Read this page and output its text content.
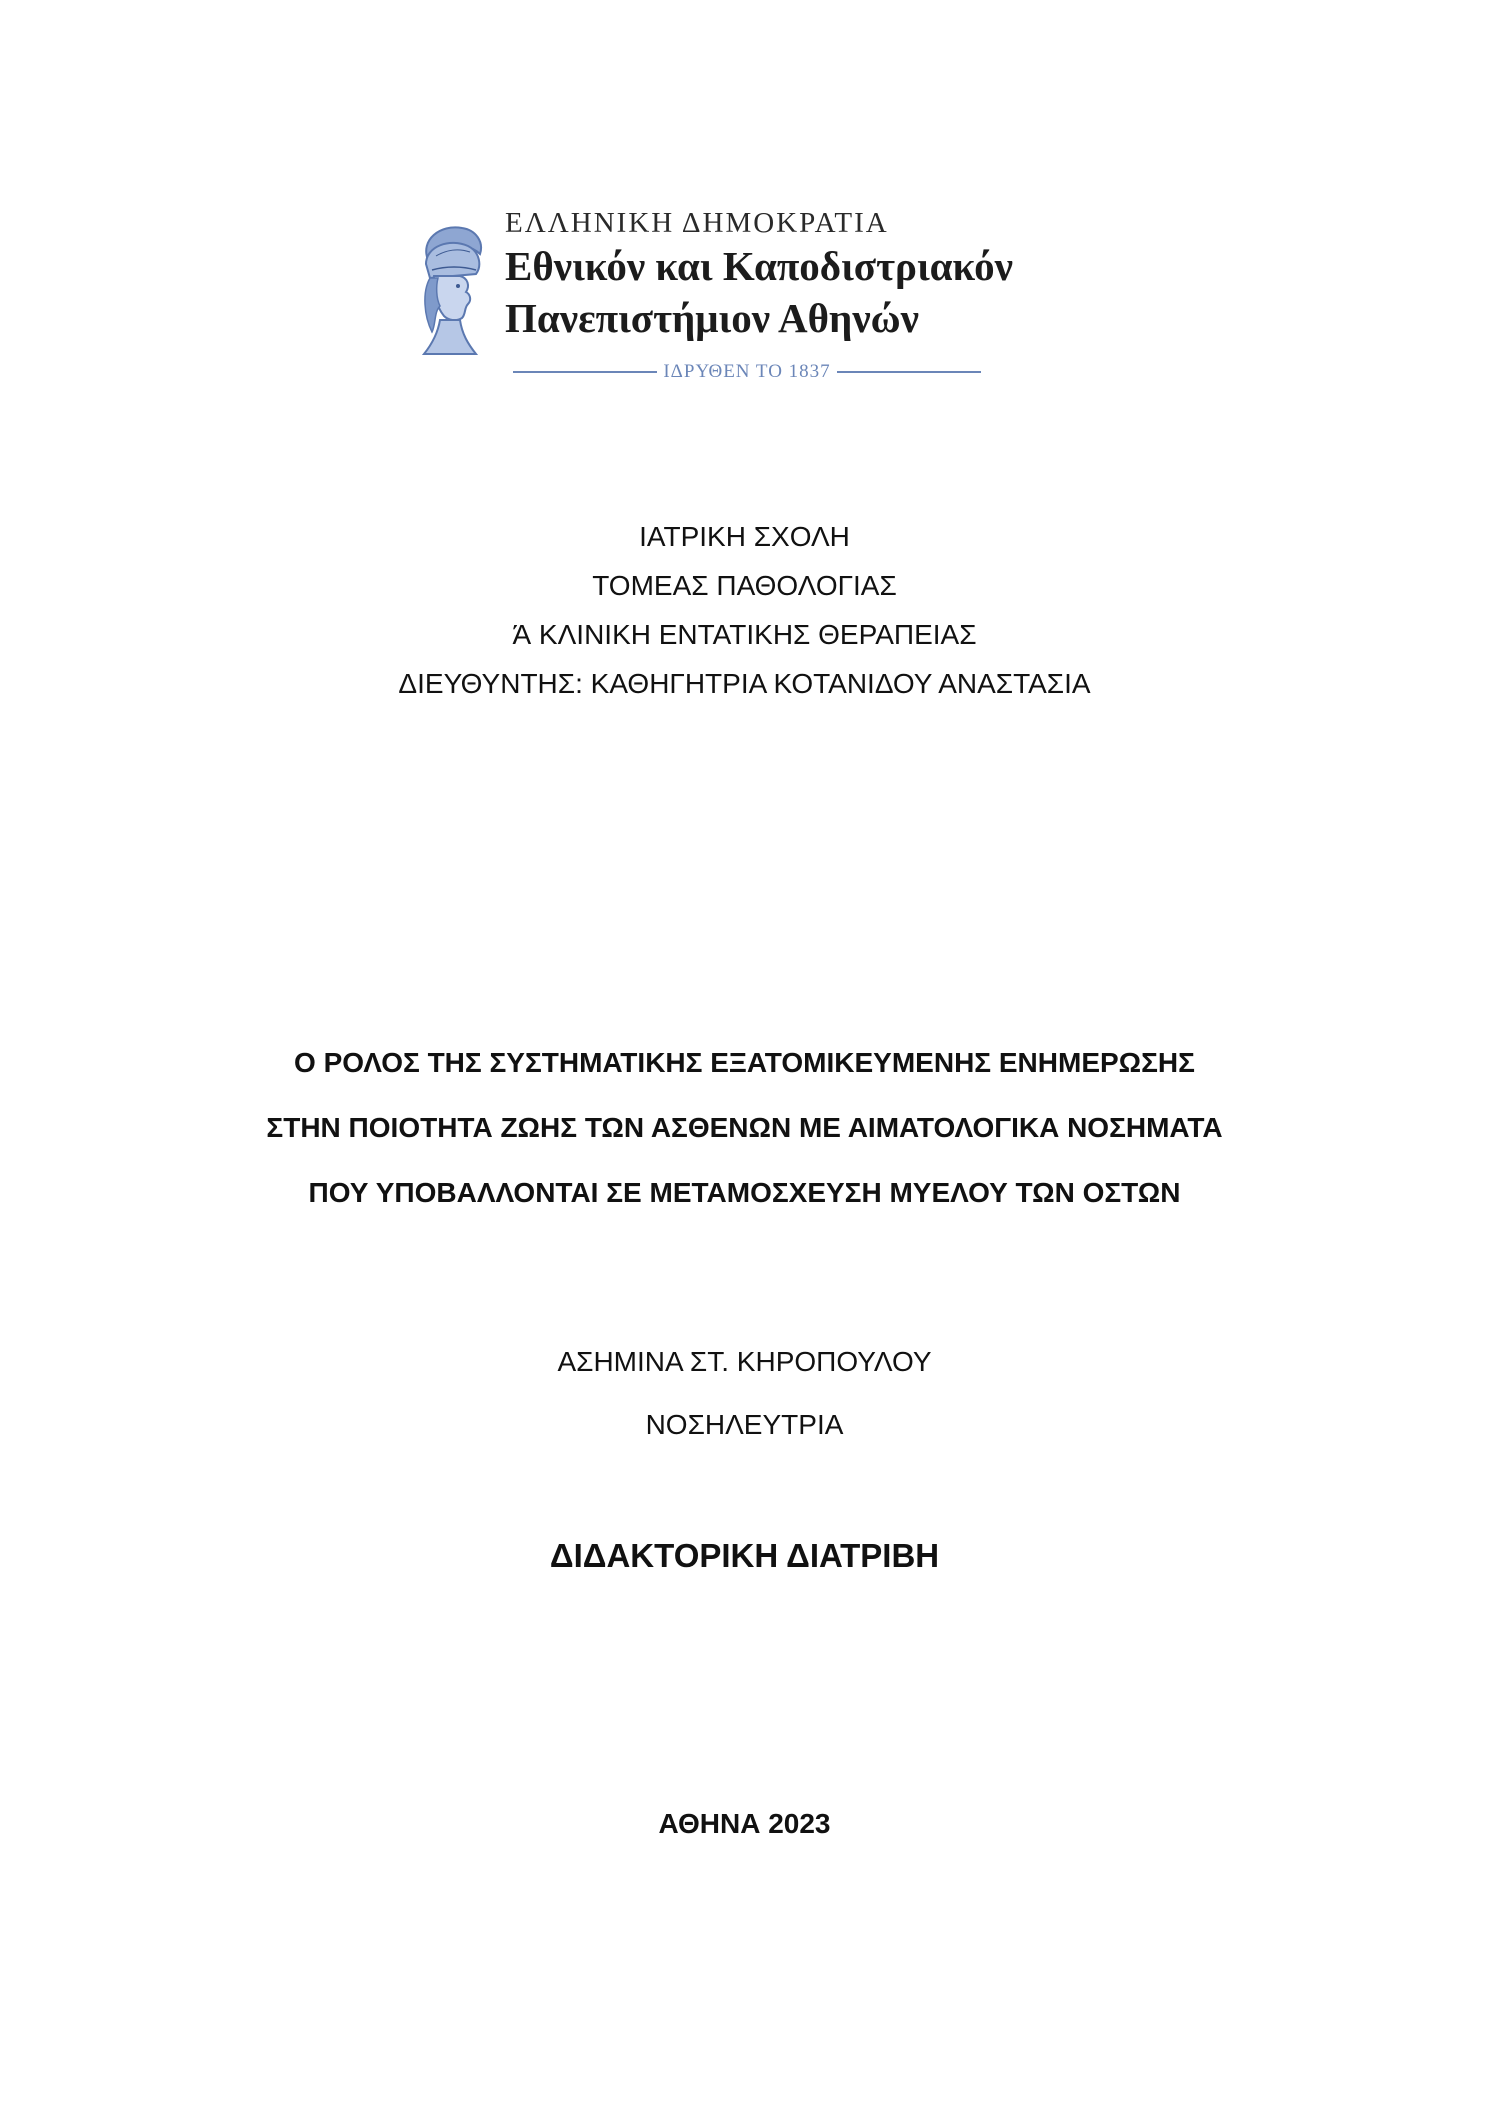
ΕΛΛΗΝΙΚΗ ΔΗΜΟΚΡΑΤΙΑ
Εθνικόν και Καποδιστριακόν
Πανεπιστήμιον Αθηνών
ΙΔΡΥΘΕΝ ΤΟ 1837
ΙΑΤΡΙΚΗ ΣΧΟΛΗ
ΤΟΜΕΑΣ ΠΑΘΟΛΟΓΙΑΣ
Ά ΚΛΙΝΙΚΗ ΕΝΤΑΤΙΚΗΣ ΘΕΡΑΠΕΙΑΣ
ΔΙΕΥΘΥΝΤΗΣ: ΚΑΘΗΓΗΤΡΙΑ ΚΟΤΑΝΙΔΟΥ ΑΝΑΣΤΑΣΙΑ
Ο ΡΟΛΟΣ ΤΗΣ ΣΥΣΤΗΜΑΤΙΚΗΣ ΕΞΑΤΟΜΙΚΕΥΜΕΝΗΣ ΕΝΗΜΕΡΩΣΗΣ
ΣΤΗΝ ΠΟΙΟΤΗΤΑ ΖΩΗΣ ΤΩΝ ΑΣΘΕΝΩΝ ΜΕ ΑΙΜΑΤΟΛΟΓΙΚΑ ΝΟΣΗΜΑΤΑ
ΠΟΥ ΥΠΟΒΑΛΛΟΝΤΑΙ ΣΕ ΜΕΤΑΜΟΣΧΕΥΣΗ ΜΥΕΛΟΥ ΤΩΝ ΟΣΤΩΝ
ΑΣΗΜΙΝΑ ΣΤ. ΚΗΡΟΠΟΥΛΟΥ
ΝΟΣΗΛΕΥΤΡΙΑ
ΔΙΔΑΚΤΟΡΙΚΗ ΔΙΑΤΡΙΒΗ
ΑΘΗΝΑ 2023
